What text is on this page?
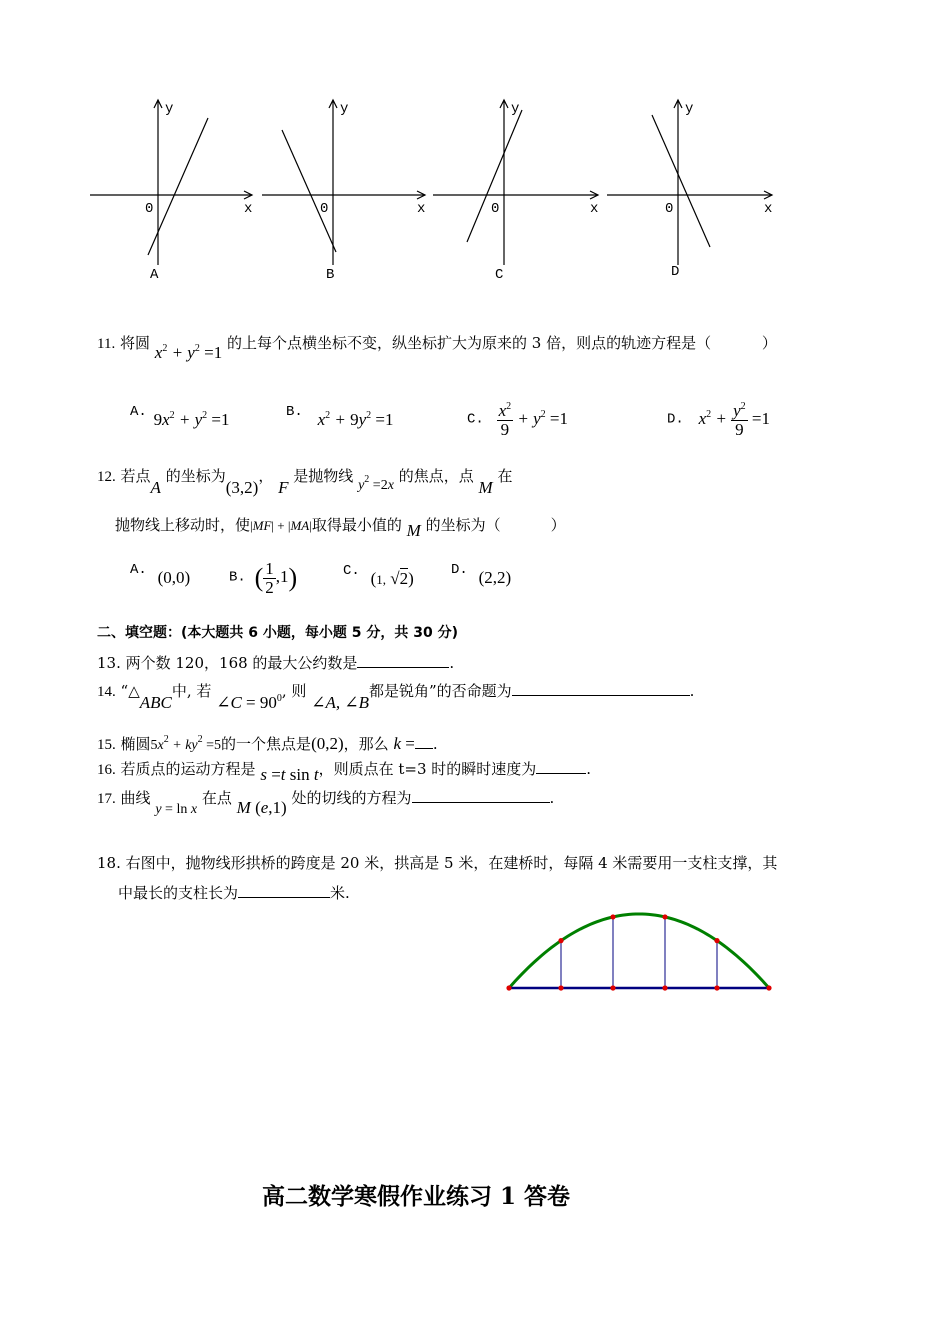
y
x
0
A
y
x
0
B
y
x
0
C
y
x
0
D
11. 将圆 $x^2 + y^2 =1$ 的上每个点横坐标不变，纵坐标扩大为原来的 3 倍，则点的轨迹方程是（	）
A. $9x^2 + y^2 =1$	B. $x^2 + 9y^2 =1$	C. $\frac{x^2}{9} + y^2 =1$	D. $x^2 + \frac{y^2}{9} =1$
12. 若点A 的坐标为(3,2)， F 是抛物线 $y^2 =2x$ 的焦点，点 M 在
抛物线上移动时，使|MF| + |MA|取得最小值的 M 的坐标为（	）
A. (0,0)	B. ( $\frac{1}{2} ,1$)	C. (1, √2)	D. (2,2)
二、填空题：(本大题共 6 小题，每小题 5 分，共 30 分)
13. 两个数 120，168 的最大公约数是	.
14. “△ABC中, 若 ∠C = $90^0$, 则 ∠A, ∠B都是锐角”的否命题为	.
15. 椭圆$5x^2 + ky^2 =5$的一个焦点是(0,2)，那么 k = .
16. 若质点的运动方程是 s =t sin t，则质点在 t=3 时的瞬时速度为	.
17. 曲线 y = ln x 在点 M (e,1) 处的切线的方程为	.
18. 右图中，抛物线形拱桥的跨度是 20 米，拱高是 5 米，在建桥时，每隔 4 米需要用一支柱支撑，其
中最长的支柱长为	米.
高二数学寒假作业练习 1 答卷
